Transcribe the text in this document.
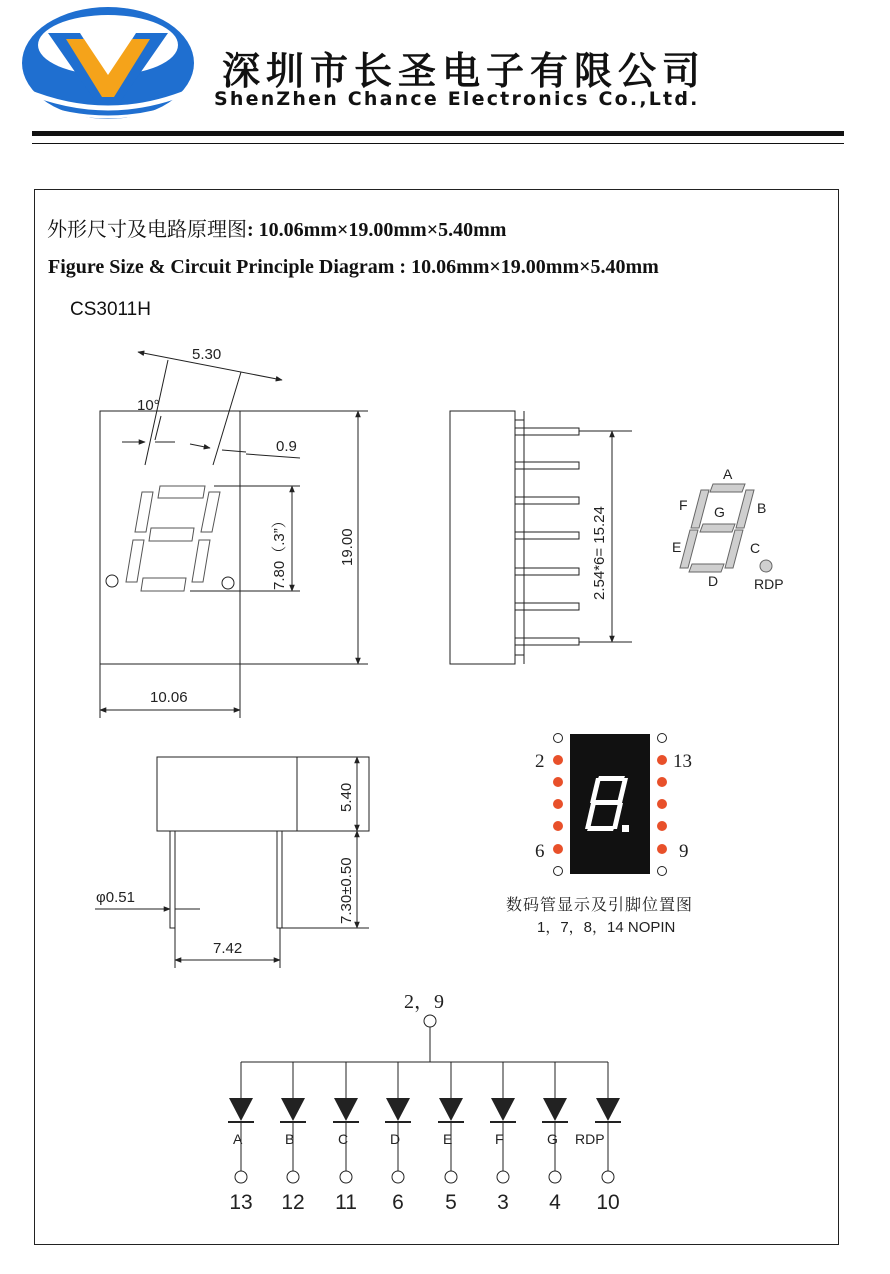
深圳市长圣电子有限公司
ShenZhen Chance Electronics Co.,Ltd.
外形尺寸及电路原理图: 10.06mm×19.00mm×5.40mm
Figure Size & Circuit Principle Diagram : 10.06mm×19.00mm×5.40mm
CS3011H
5.30
10°
0.9
7.80（.3”）	19.00
10.06
2.54*6= 15.24
A
B
C
D
E
F G
RDP
5.40
7.30±0.50
φ0.51
7.42
2
6
13
9
数码管显示及引脚位置图
1，7，8，14 NOPIN
A
13
B
12
C
11
D
6
E
5
F
3
G
4
RDP
10
2，9
